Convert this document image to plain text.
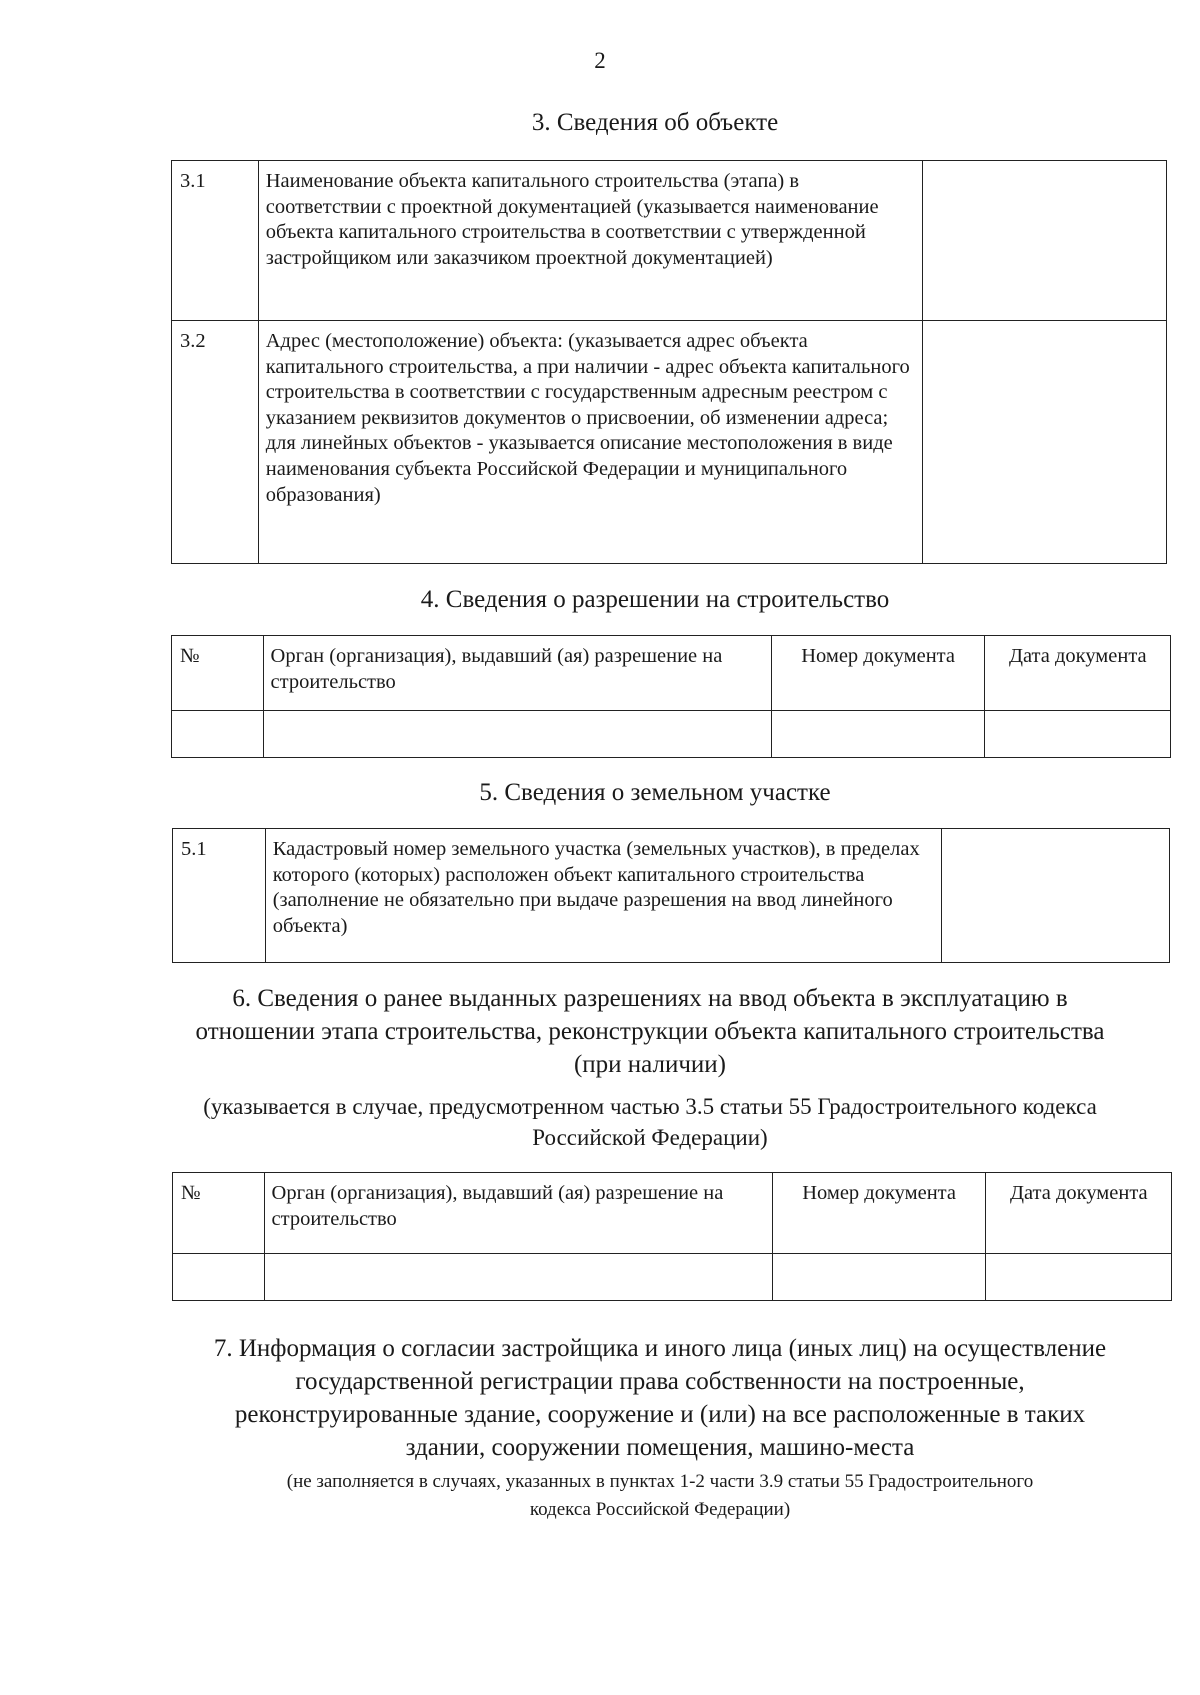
2
3. Сведения об объекте
3.1	Наименование объекта капитального строительства (этапа) в соответствии с проектной документацией (указывается наименование объекта капитального строительства в соответствии с утвержденной застройщиком или заказчиком проектной документацией)	

3.2	Адрес (местоположение) объекта: (указывается адрес объекта капитального строительства, а при наличии - адрес объекта капитального строительства в соответствии с государственным адресным реестром с указанием реквизитов документов о присвоении, об изменении адреса; для линейных объектов - указывается описание местоположения в виде наименования субъекта Российской Федерации и муниципального образования)	

4. Сведения о разрешении на строительство
№	Орган (организация), выдавший (ая) разрешение на строительство	Номер документа	Дата документа

5. Сведения о земельном участке
5.1	Кадастровый номер земельного участка (земельных участков), в пределах которого (которых) расположен объект капитального строительства (заполнение не обязательно при выдаче разрешения на ввод линейного объекта)

6. Сведения о ранее выданных разрешениях на ввод объекта в эксплуатацию в отношении этапа строительства, реконструкции объекта капитального строительства (при наличии)
(указывается в случае, предусмотренном частью 3.5 статьи 55 Градостроительного кодекса Российской Федерации)
№	Орган (организация), выдавший (ая) разрешение на строительство	Номер документа	Дата документа

7. Информация о согласии застройщика и иного лица (иных лиц) на осуществление государственной регистрации права собственности на построенные, реконструированные здание, сооружение и (или) на все расположенные в таких здании, сооружении помещения, машино-места
(не заполняется в случаях, указанных в пунктах 1-2 части 3.9 статьи 55 Градостроительного кодекса Российской Федерации)
